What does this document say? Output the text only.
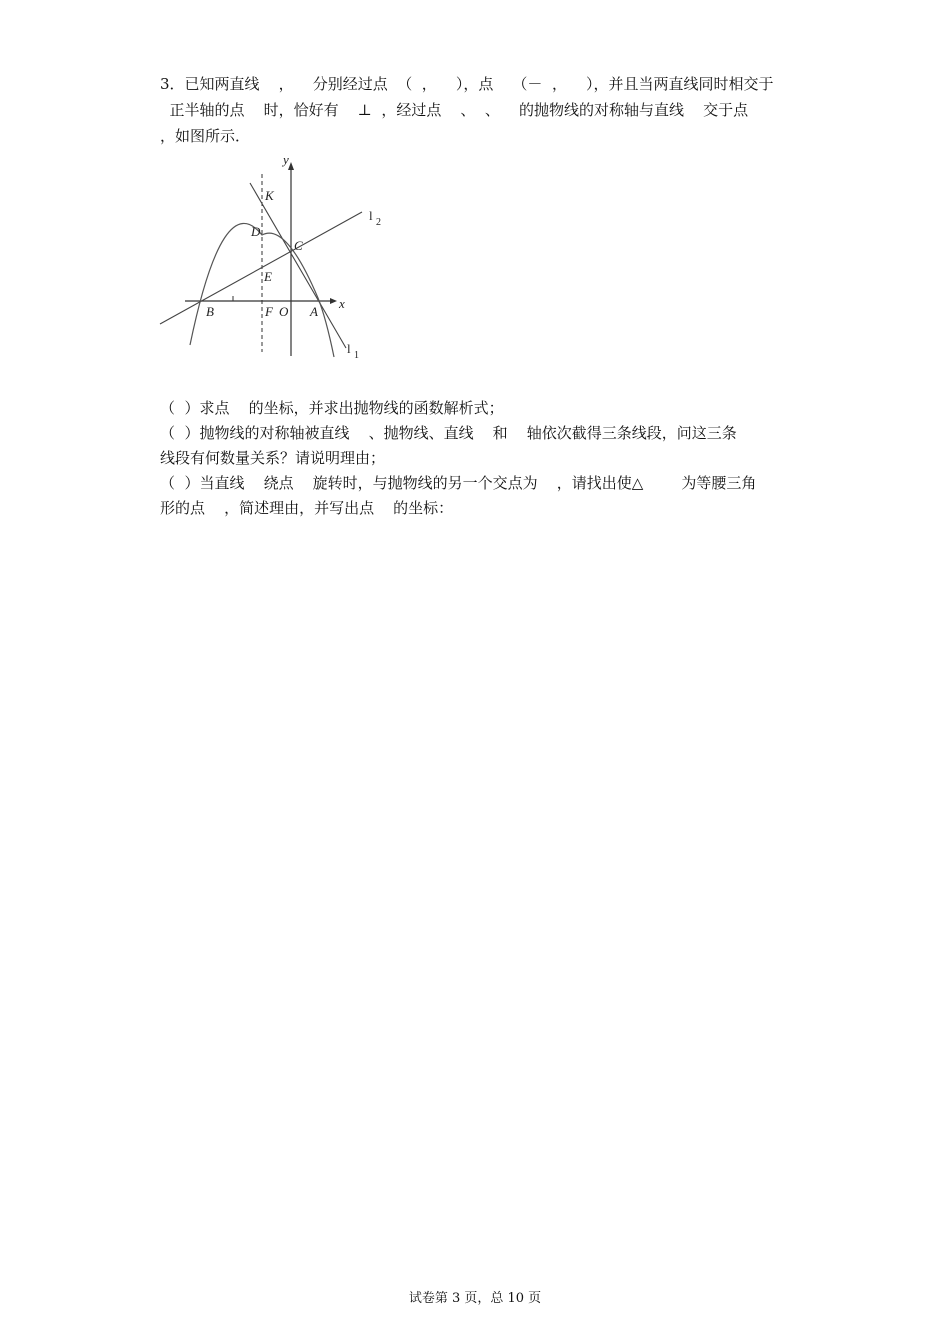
3．已知两直线    ，    分别经过点  （  ，    ），点    （－  ，    ），并且当两直线同时相交于
正半轴的点    时，恰好有    ⊥  ，经过点    、  、    的抛物线的对称轴与直线    交于点
，如图所示．
y
x
K
D
C
E
B	F O A
l 2
l 1
（  ）求点    的坐标，并求出抛物线的函数解析式；
（  ）抛物线的对称轴被直线    、抛物线、直线    和    轴依次截得三条线段，问这三条
线段有何数量关系？请说明理由；
（  ）当直线    绕点    旋转时，与抛物线的另一个交点为    ，请找出使△        为等腰三角
形的点    ，简述理由，并写出点    的坐标：
试卷第 3 页，总 10 页
